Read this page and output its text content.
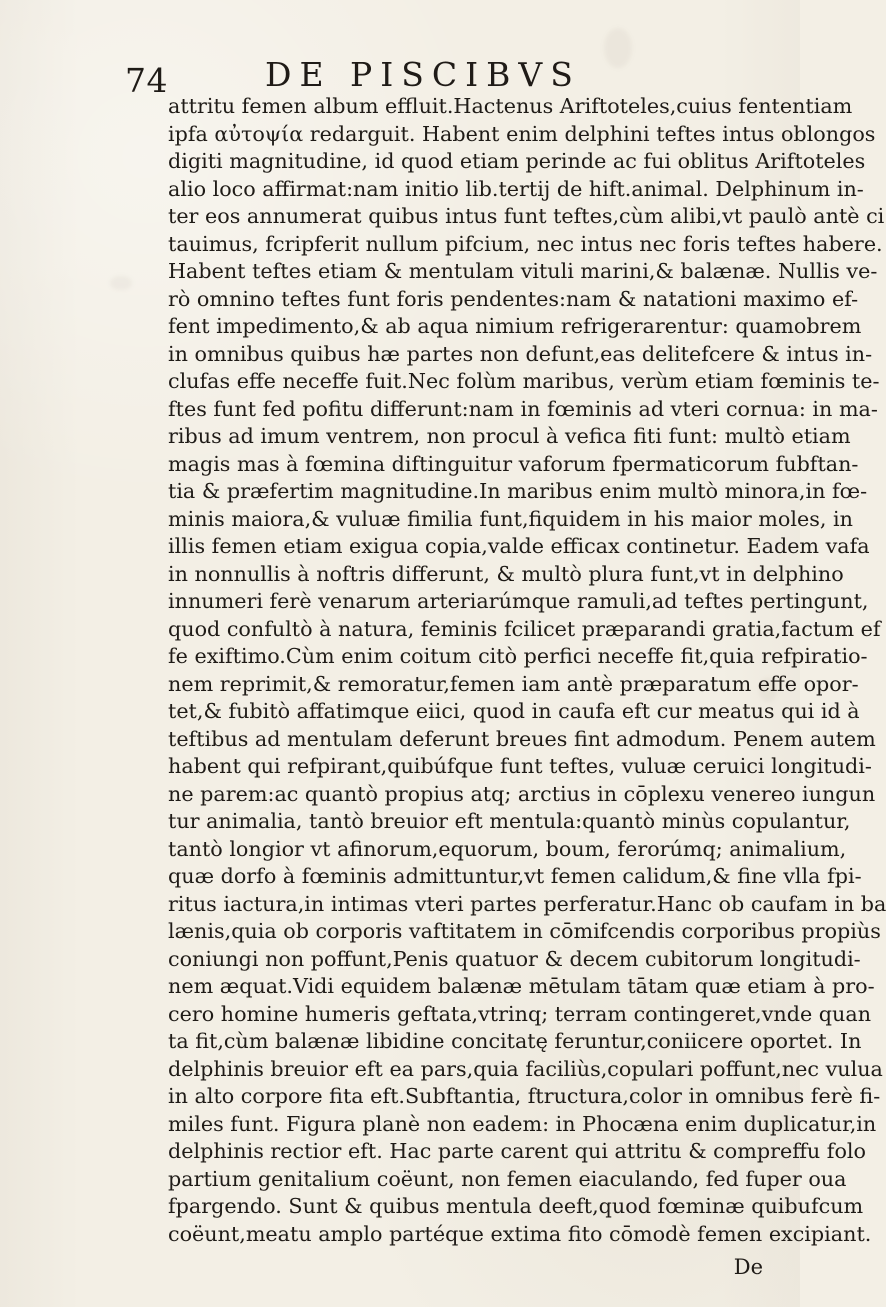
74	DE PISCIBVS
attritu femen album effluit.Hactenus Ariftoteles,cuius fententiam
ipfa αὐτοψία redarguit. Habent enim delphini teftes intus oblongos
digiti magnitudine, id quod etiam perinde ac fui oblitus Ariftoteles
alio loco affirmat:nam initio lib.tertij de hift.animal. Delphinum in-
ter eos annumerat quibus intus funt teftes,cùm alibi,vt paulò antè ci
tauimus, fcripferit nullum pifcium, nec intus nec foris teftes habere.
Habent teftes etiam & mentulam vituli marini,& balænæ. Nullis ve-
rò omnino teftes funt foris pendentes:nam & natationi maximo ef-
fent impedimento,& ab aqua nimium refrigerarentur: quamobrem
in omnibus quibus hæ partes non defunt,eas delitefcere & intus in-
clufas effe neceffe fuit.Nec folùm maribus, verùm etiam fœminis te-
ftes funt fed pofitu differunt:nam in fœminis ad vteri cornua: in ma-
ribus ad imum ventrem, non procul à vefica fiti funt: multò etiam
magis mas à fœmina diftinguitur vaforum fpermaticorum fubftan-
tia & præfertim magnitudine.In maribus enim multò minora,in fœ-
minis maiora,& vuluæ fimilia funt,fiquidem in his maior moles, in
illis femen etiam exigua copia,valde efficax continetur. Eadem vafa
in nonnullis à noftris differunt, & multò plura funt,vt in delphino
innumeri ferè venarum arteriarúmque ramuli,ad teftes pertingunt,
quod confultò à natura, feminis fcilicet præparandi gratia,factum ef
fe exiftimo.Cùm enim coitum citò perfici neceffe fit,quia refpiratio-
nem reprimit,& remoratur,femen iam antè præparatum effe opor-
tet,& fubitò affatimque eiici, quod in caufa eft cur meatus qui id à
teftibus ad mentulam deferunt breues fint admodum. Penem autem
habent qui refpirant,quibúfque funt teftes, vuluæ ceruici longitudi-
ne parem:ac quantò propius atq; arctius in cōplexu venereo iungun
tur animalia, tantò breuior eft mentula:quantò minùs copulantur,
tantò longior vt afinorum,equorum, boum, ferorúmq; animalium,
quæ dorfo à fœminis admittuntur,vt femen calidum,& fine vlla fpi-
ritus iactura,in intimas vteri partes perferatur.Hanc ob caufam in ba
lænis,quia ob corporis vaftitatem in cōmifcendis corporibus propiùs
coniungi non poffunt,Penis quatuor & decem cubitorum longitudi-
nem æquat.Vidi equidem balænæ mētulam tātam quæ etiam à pro-
cero homine humeris geftata,vtrinq; terram contingeret,vnde quan
ta fit,cùm balænæ libidine concitatę feruntur,coniicere oportet. In
delphinis breuior eft ea pars,quia faciliùs,copulari poffunt,nec vulua
in alto corpore fita eft.Subftantia, ftructura,color in omnibus ferè fi-
miles funt. Figura planè non eadem: in Phocæna enim duplicatur,in
delphinis rectior eft. Hac parte carent qui attritu & compreffu folo
partium genitalium coëunt, non femen eiaculando, fed fuper oua
fpargendo. Sunt & quibus mentula deeft,quod fœminæ quibufcum
coëunt,meatu amplo partéque extima fito cōmodè femen excipiant.
De
